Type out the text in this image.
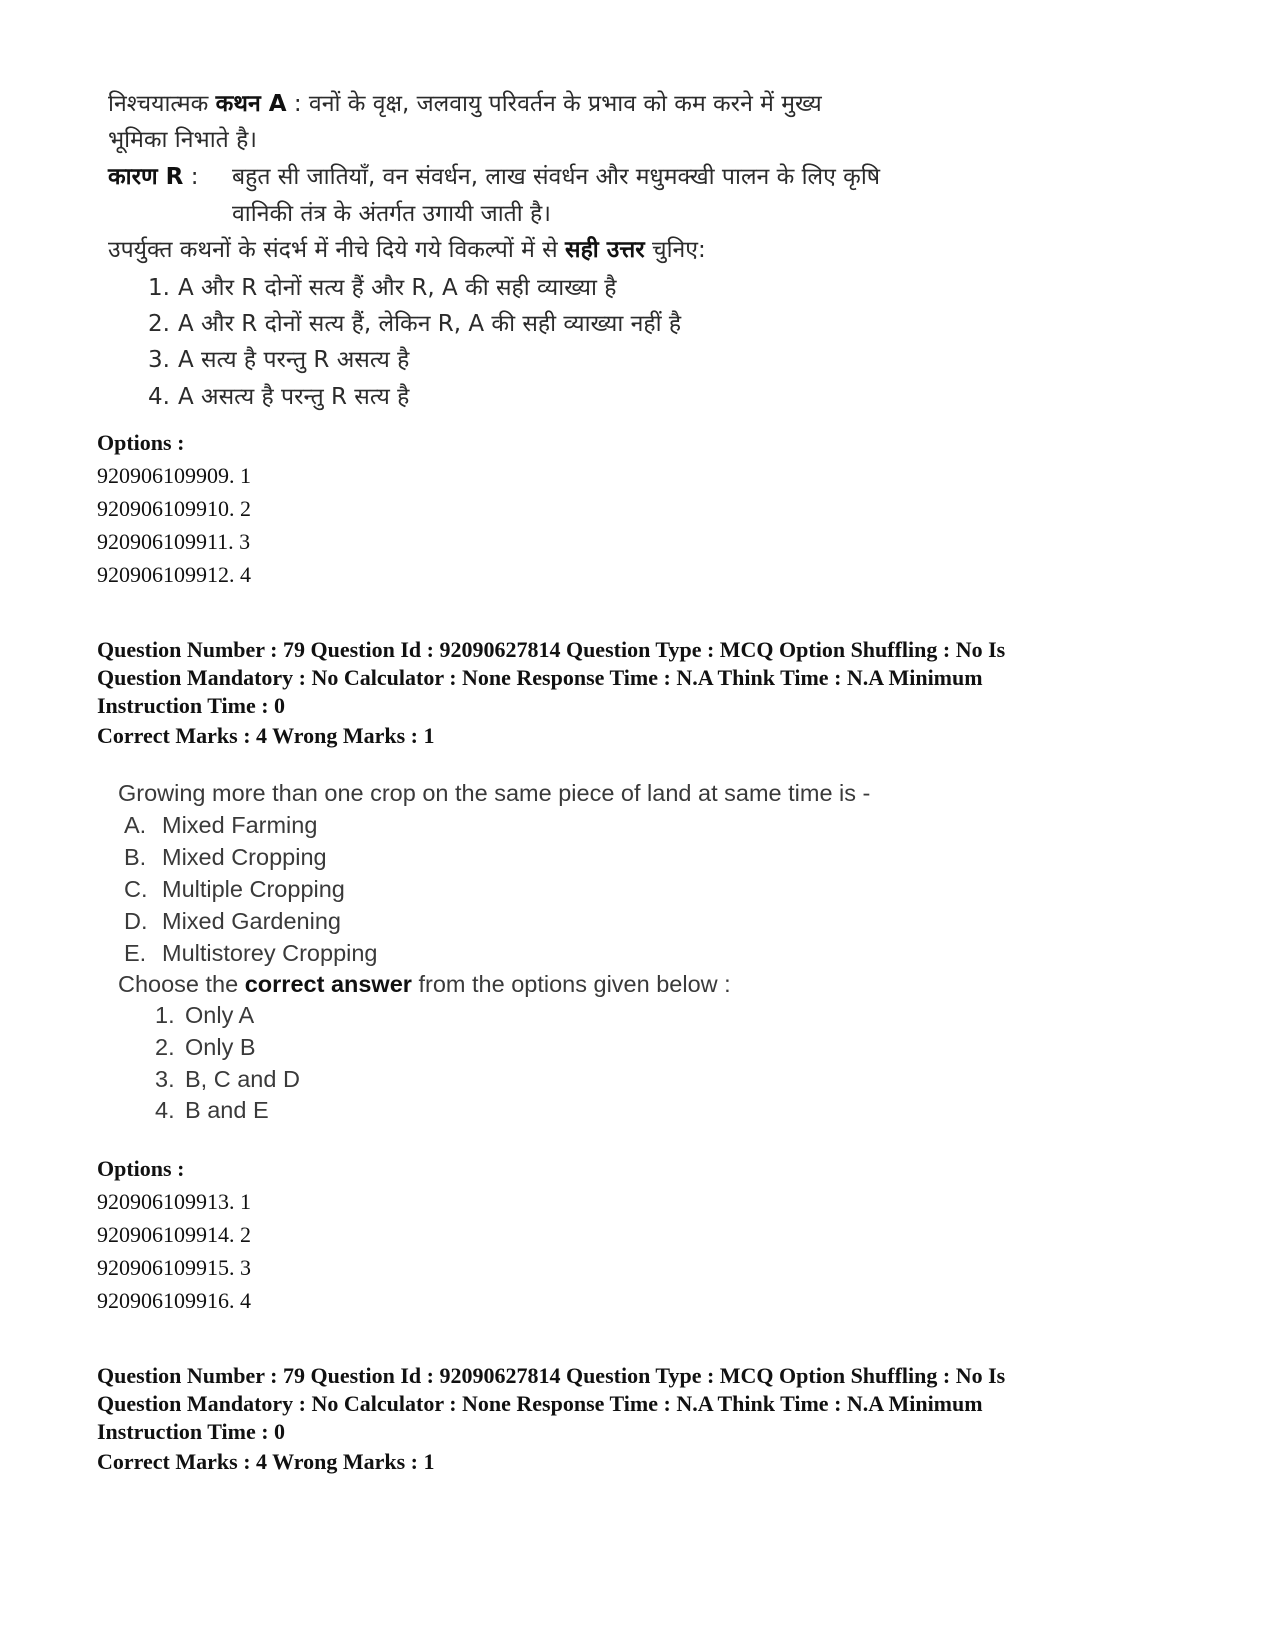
निश्चयात्मक कथन A : वनों के वृक्ष, जलवायु परिवर्तन के प्रभाव को कम करने में मुख्य
भूमिका निभाते है।
कारण R : बहुत सी जातियाँ, वन संवर्धन, लाख संवर्धन और मधुमक्खी पालन के लिए कृषि
वानिकी तंत्र के अंतर्गत उगायी जाती है।
उपर्युक्त कथनों के संदर्भ में नीचे दिये गये विकल्पों में से सही उत्तर चुनिए:
1. A और R दोनों सत्य हैं और R, A की सही व्याख्या है
2. A और R दोनों सत्य हैं, लेकिन R, A की सही व्याख्या नहीं है
3. A सत्य है परन्तु R असत्य है
4. A असत्य है परन्तु R सत्य है
Options :
920906109909. 1
920906109910. 2
920906109911. 3
920906109912. 4
Question Number : 79 Question Id : 92090627814 Question Type : MCQ Option Shuffling : No Is
Question Mandatory : No Calculator : None Response Time : N.A Think Time : N.A Minimum
Instruction Time : 0
Correct Marks : 4 Wrong Marks : 1
Growing more than one crop on the same piece of land at same time is -
A. Mixed Farming
B. Mixed Cropping
C. Multiple Cropping
D. Mixed Gardening
E. Multistorey Cropping
Choose the correct answer from the options given below :
1. Only A
2. Only B
3. B, C and D
4. B and E
Options :
920906109913. 1
920906109914. 2
920906109915. 3
920906109916. 4
Question Number : 79 Question Id : 92090627814 Question Type : MCQ Option Shuffling : No Is
Question Mandatory : No Calculator : None Response Time : N.A Think Time : N.A Minimum
Instruction Time : 0
Correct Marks : 4 Wrong Marks : 1
